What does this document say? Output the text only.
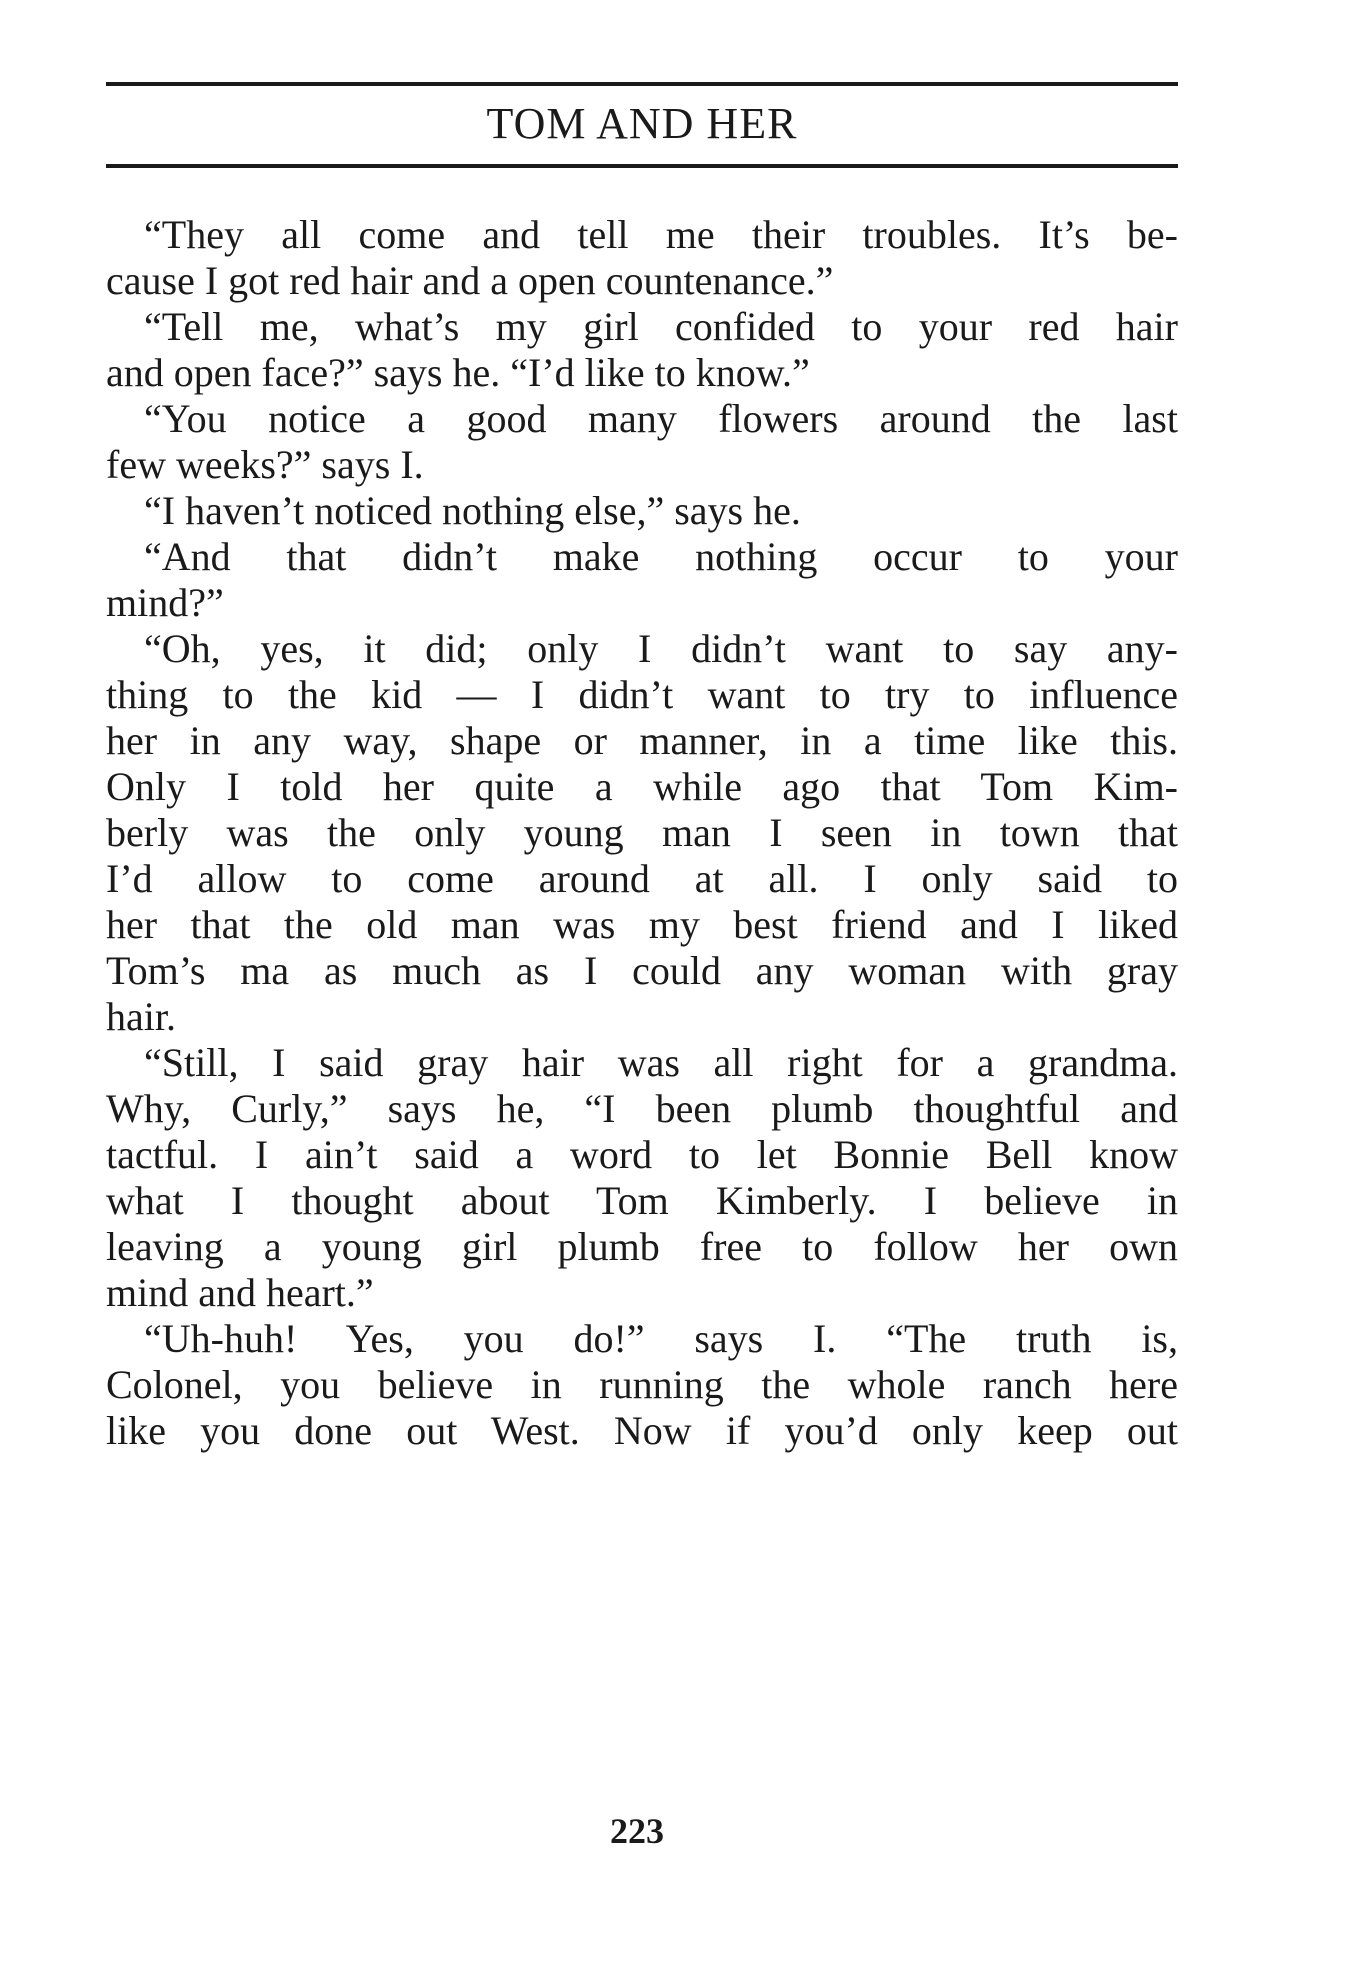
TOM AND HER
“They all come and tell me their troubles. It’s be-
cause I got red hair and a open countenance.”
“Tell me, what’s my girl confided to your red hair
and open face?” says he. “I’d like to know.”
“You notice a good many flowers around the last
few weeks?” says I.
“I haven’t noticed nothing else,” says he.
“And that didn’t make nothing occur to your
mind?”
“Oh, yes, it did; only I didn’t want to say any-
thing to the kid — I didn’t want to try to influence
her in any way, shape or manner, in a time like this.
Only I told her quite a while ago that Tom Kim-
berly was the only young man I seen in town that
I’d allow to come around at all. I only said to
her that the old man was my best friend and I liked
Tom’s ma as much as I could any woman with gray
hair.
“Still, I said gray hair was all right for a grandma.
Why, Curly,” says he, “I been plumb thoughtful and
tactful. I ain’t said a word to let Bonnie Bell know
what I thought about Tom Kimberly. I believe in
leaving a young girl plumb free to follow her own
mind and heart.”
“Uh-huh! Yes, you do!” says I. “The truth is,
Colonel, you believe in running the whole ranch here
like you done out West. Now if you’d only keep out
223
